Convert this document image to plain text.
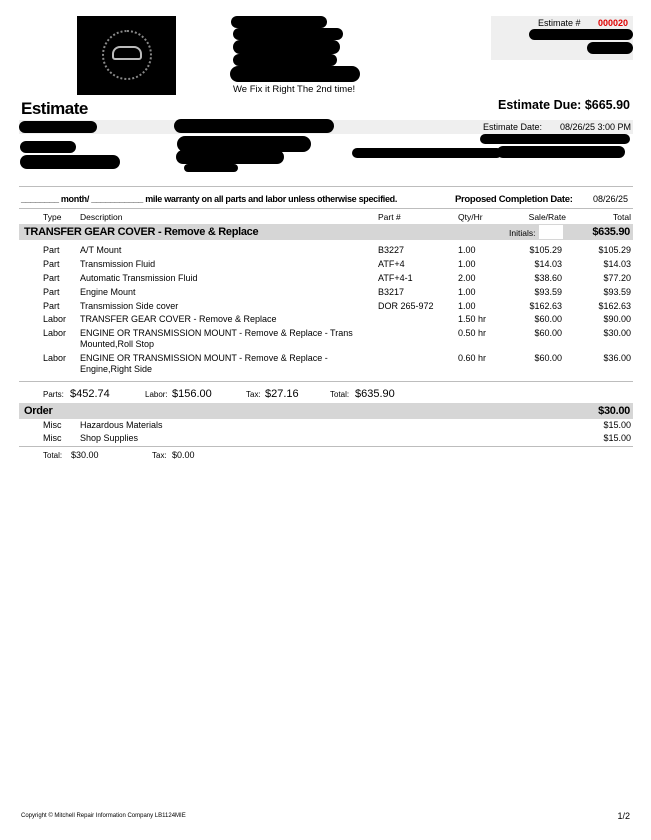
We Fix it Right The 2nd time!
Estimate # 000020
Estimate	Estimate Due: $665.90
Estimate Date: 08/26/25 3:00 PM
________ month/ ___________ mile warranty on all parts and labor unless otherwise specified.	Proposed Completion Date: 08/26/25
Type Description	Part #	Qty/Hr	Sale/Rate	Total
TRANSFER GEAR COVER - Remove & Replace	Initials:	$635.90
Part	A/T Mount	B3227	1.00	$105.29	$105.29
Part	Transmission Fluid	ATF+4	1.00	$14.03	$14.03
Part	Automatic Transmission Fluid	ATF+4-1	2.00	$38.60	$77.20
Part	Engine Mount	B3217	1.00	$93.59	$93.59
Part	Transmission Side cover	DOR 265-972	1.00	$162.63	$162.63
Labor	TRANSFER GEAR COVER - Remove & Replace	1.50 hr	$60.00	$90.00
Labor	ENGINE OR TRANSMISSION MOUNT - Remove & Replace - Trans
Mounted,Roll Stop
0.50 hr	$60.00	$30.00
Labor	ENGINE OR TRANSMISSION MOUNT - Remove & Replace -
Engine,Right Side
0.60 hr	$60.00	$36.00
Parts: $452.74	Labor: $156.00	Tax: $27.16	Total: $635.90
Order	$30.00
Misc	Hazardous Materials	$15.00
Misc	Shop Supplies	$15.00
Total: $30.00	Tax: $0.00
Copyright © Mitchell Repair Information Company LB1124MIE	1/2
